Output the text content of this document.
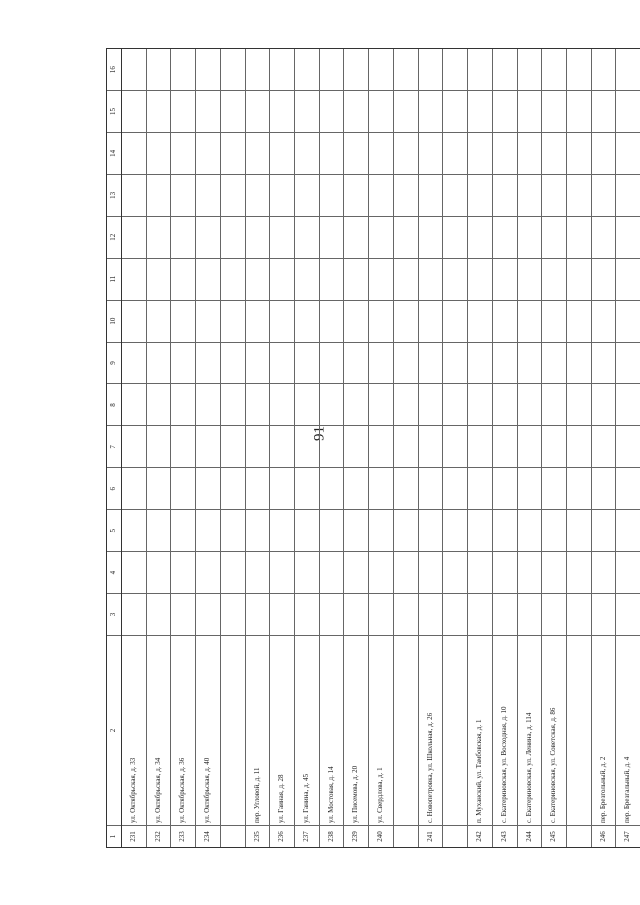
91
1
2
3
4
5
6
7
8
9
10
11
12
13
14
15
16
231
ул. Октябрьская, д. 33
232
ул. Октябрьская, д. 34
233
ул. Октябрьская, д. 36
234
ул. Октябрьская, д. 40
235
пер. Угловой, д. 11
236
ул. Гаиная, д. 28
237
ул. Ганина, д. 45
238
ул. Мостовая, д. 14
239
ул. Писемова, д. 20
240
ул. Свердлова, д. 1
241
с. Новопетровка, ул. Школьная, д. 26
242
п. Муханский, ул. Тамбовская, д. 1
243
с. Екатериновская, ул. Восходная, д. 10
244
с. Екатериновская, ул. Ленина, д. 114
245
с. Екатериновская, ул. Советская, д. 86
246
пер. Брезгольный, д. 2
247
пер. Брезгальный, д. 4
